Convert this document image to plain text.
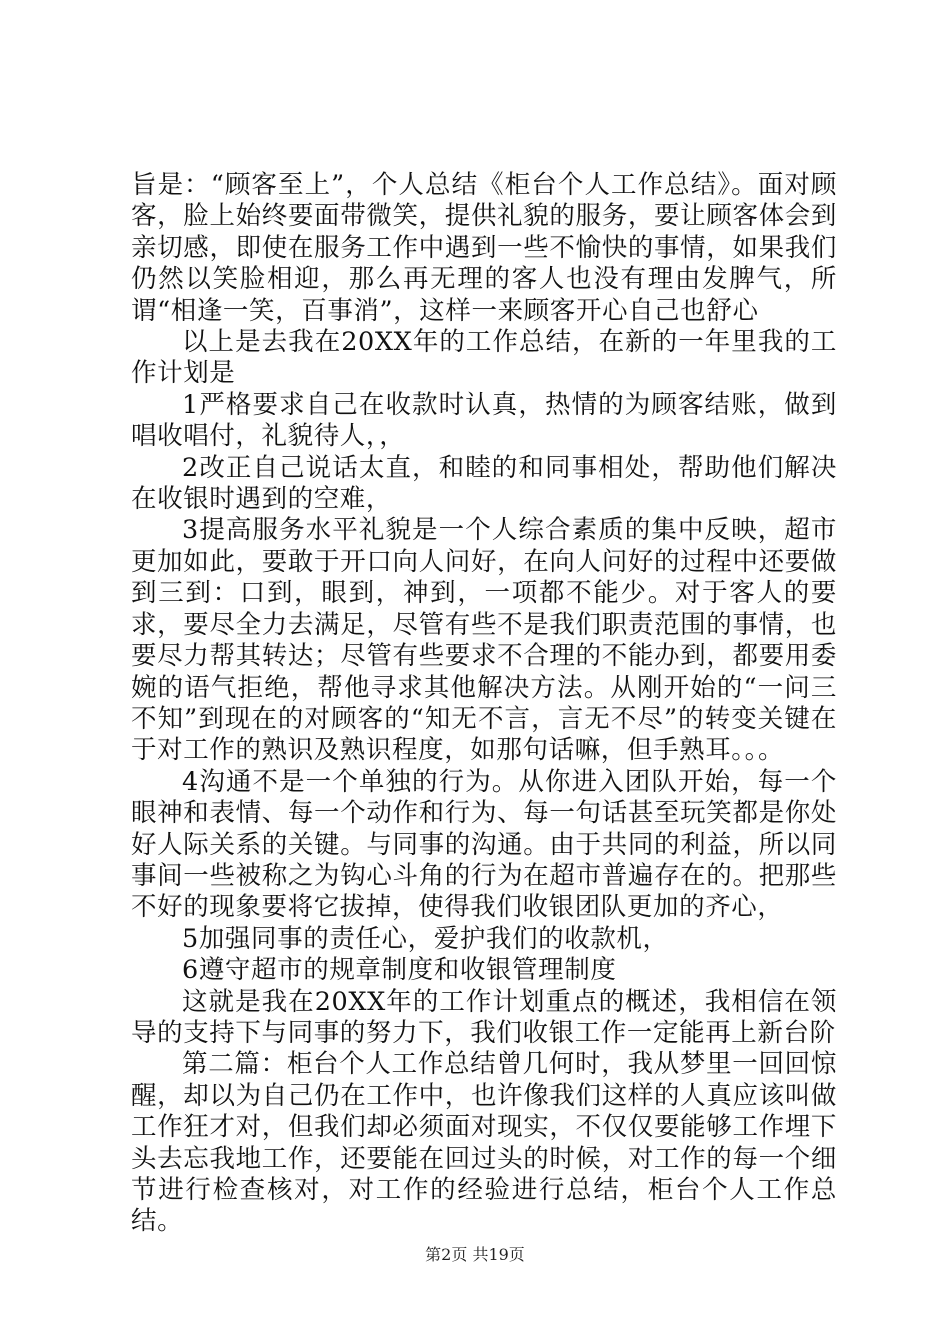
旨是：“顾客至上”，个人总结《柜台个人工作总结》。面对顾客，脸上始终要面带微笑，提供礼貌的服务，要让顾客体会到亲切感，即使在服务工作中遇到一些不愉快的事情，如果我们仍然以笑脸相迎，那么再无理的客人也没有理由发脾气，所谓“相逢一笑，百事消”，这样一来顾客开心自己也舒心

以上是去我在20XX年的工作总结，在新的一年里我的工作计划是

1严格要求自己在收款时认真，热情的为顾客结账，做到唱收唱付，礼貌待人，，

2改正自己说话太直，和睦的和同事相处，帮助他们解决在收银时遇到的空难，

3提高服务水平礼貌是一个人综合素质的集中反映，超市更加如此，要敢于开口向人问好，在向人问好的过程中还要做到三到：口到，眼到，神到，一项都不能少。对于客人的要求，要尽全力去满足，尽管有些不是我们职责范围的事情，也要尽力帮其转达；尽管有些要求不合理的不能办到，都要用委婉的语气拒绝，帮他寻求其他解决方法。从刚开始的“一问三不知”到现在的对顾客的“知无不言，言无不尽”的转变关键在于对工作的熟识及熟识程度，如那句话嘛，但手熟耳。。。

4沟通不是一个单独的行为。从你进入团队开始，每一个眼神和表情、每一个动作和行为、每一句话甚至玩笑都是你处好人际关系的关键。与同事的沟通。由于共同的利益，所以同事间一些被称之为钩心斗角的行为在超市普遍存在的。把那些不好的现象要将它拔掉，使得我们收银团队更加的齐心，

5加强同事的责任心，爱护我们的收款机，

6遵守超市的规章制度和收银管理制度

这就是我在20XX年的工作计划重点的概述，我相信在领导的支持下与同事的努力下，我们收银工作一定能再上新台阶

第二篇：柜台个人工作总结曾几何时，我从梦里一回回惊醒，却以为自己仍在工作中，也许像我们这样的人真应该叫做工作狂才对，但我们却必须面对现实，不仅仅要能够工作埋下头去忘我地工作，还要能在回过头的时候，对工作的每一个细节进行检查核对，对工作的经验进行总结，柜台个人工作总结。

第2页 共19页
